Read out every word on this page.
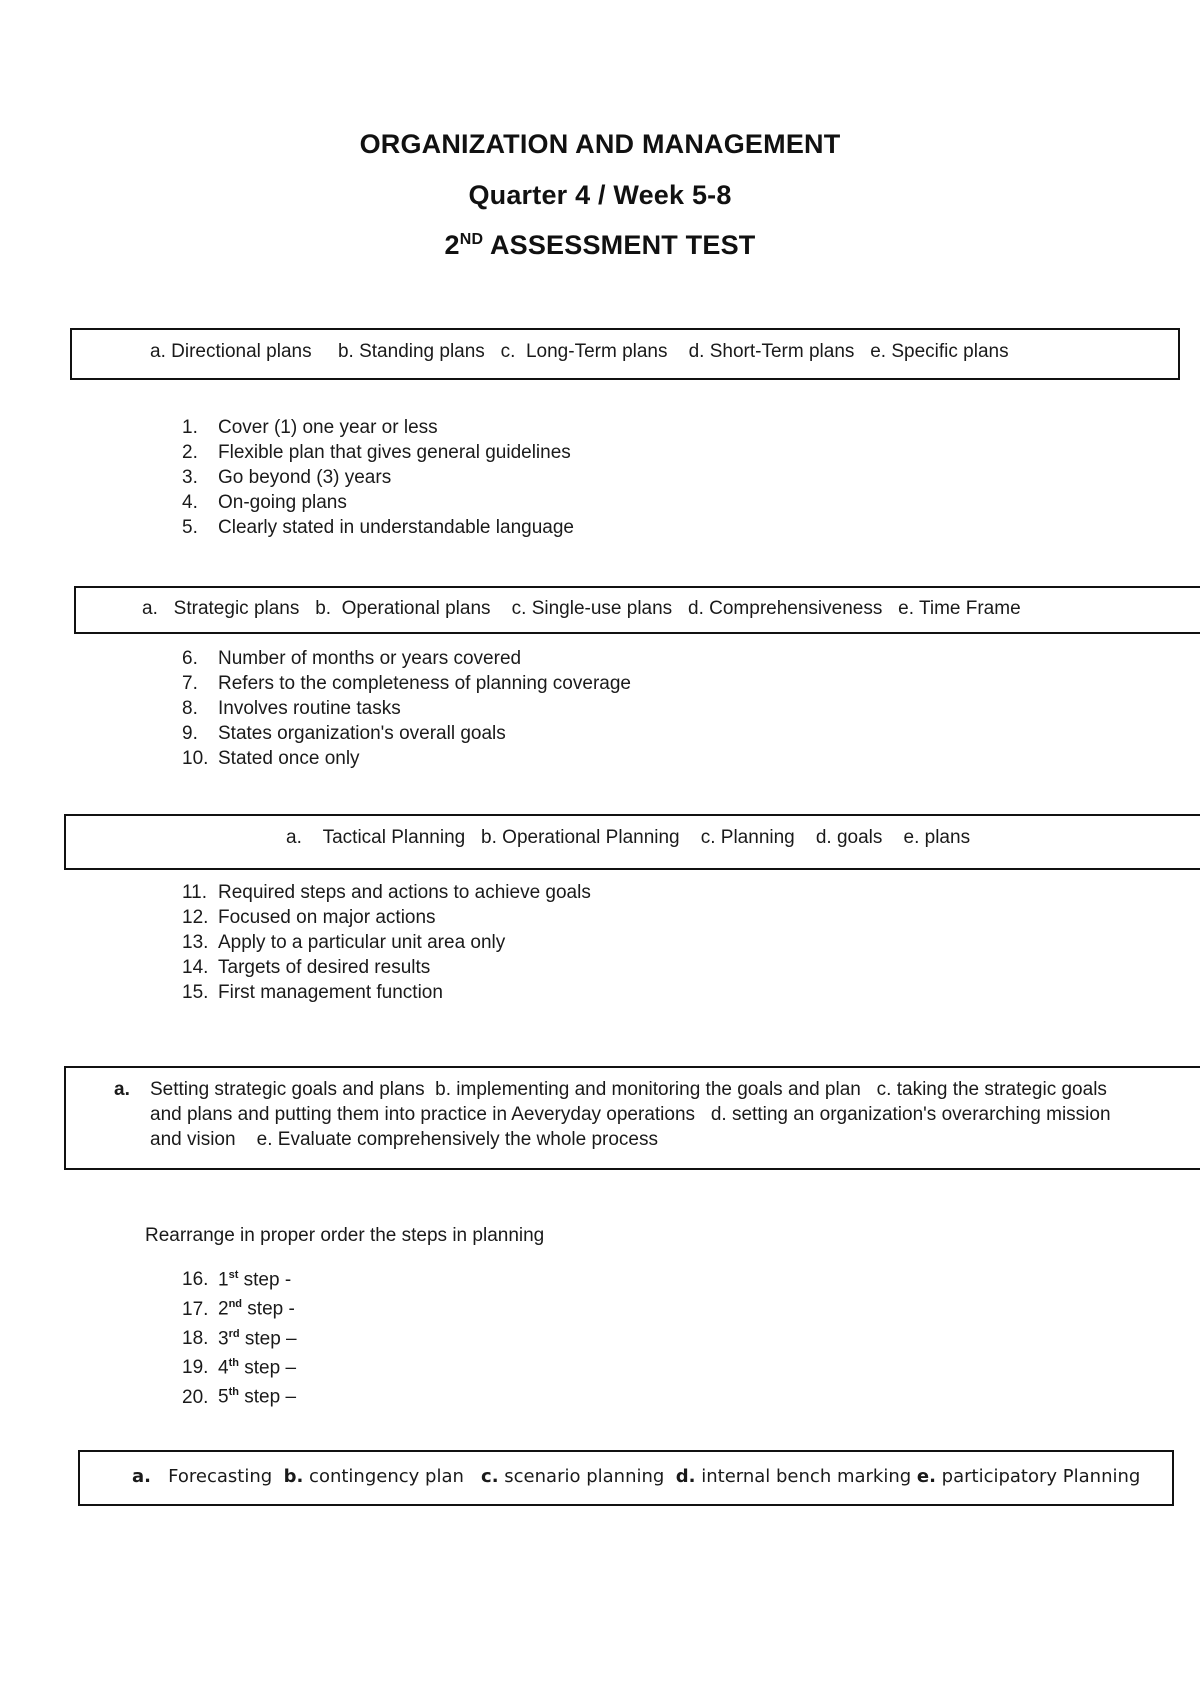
ORGANIZATION AND MANAGEMENT
Quarter 4 / Week 5-8
2ND ASSESSMENT TEST
a. Directional plans     b. Standing plans   c.  Long-Term plans    d. Short-Term plans   e. Specific plans
1. Cover (1) one year or less
2. Flexible plan that gives general guidelines
3. Go beyond (3) years
4. On-going plans
5. Clearly stated in understandable language
a.   Strategic plans   b.  Operational plans    c. Single-use plans   d. Comprehensiveness   e. Time Frame
6. Number of months or years covered
7. Refers to the completeness of planning coverage
8. Involves routine tasks
9. States organization's overall goals
10. Stated once only
a.    Tactical Planning   b. Operational Planning    c. Planning    d. goals    e. plans
11. Required steps and actions to achieve goals
12. Focused on major actions
13. Apply to a particular unit area only
14. Targets of desired results
15. First management function
a. Setting strategic goals and plans  b. implementing and monitoring the goals and plan   c. taking the strategic goals
and plans and putting them into practice in Aeveryday operations   d. setting an organization's overarching mission
and vision    e. Evaluate comprehensively the whole process
Rearrange in proper order the steps in planning
16. 1st step -
17. 2nd step -
18. 3rd step –
19. 4th step –
20. 5th step –
a.   Forecasting  b. contingency plan   c. scenario planning  d. internal bench marking e. participatory Planning
